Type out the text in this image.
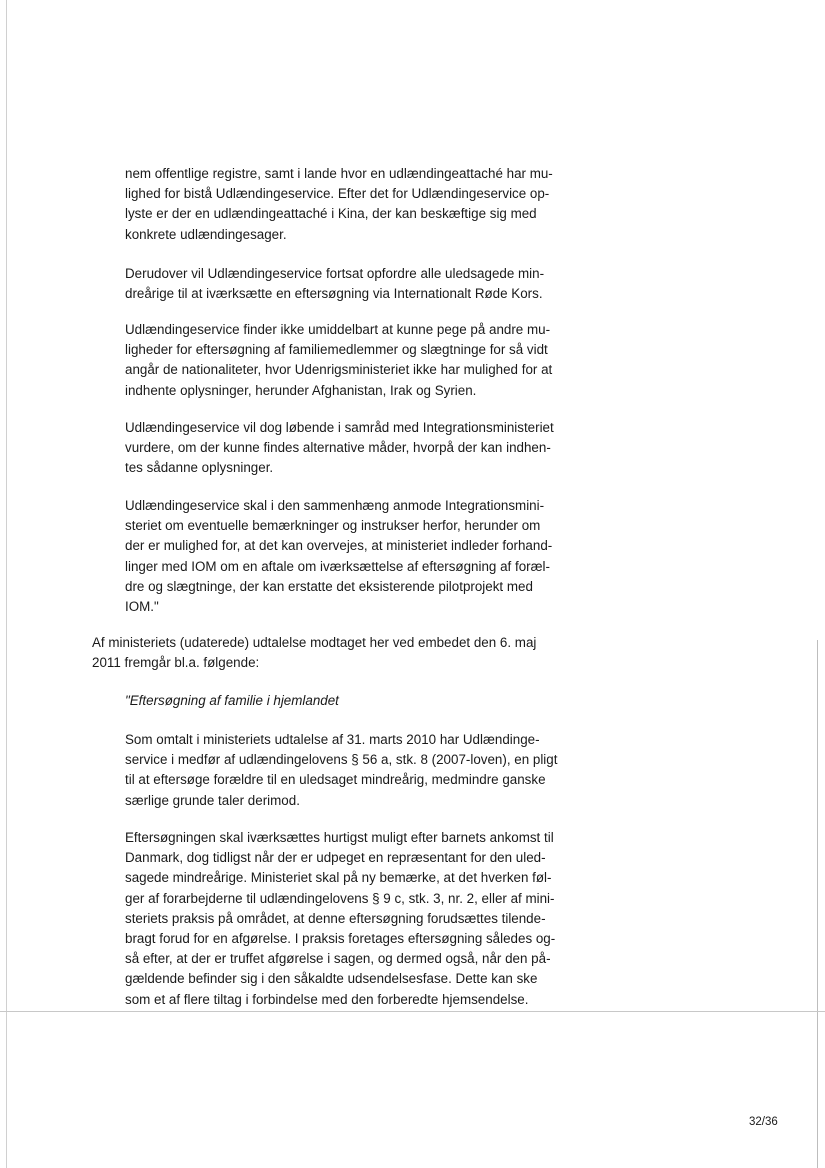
nem offentlige registre, samt i lande hvor en udlændingeattaché har mu-
lighed for bistå Udlændingeservice. Efter det for Udlændingeservice op-
lyste er der en udlændingeattaché i Kina, der kan beskæftige sig med
konkrete udlændingesager.

Derudover vil Udlændingeservice fortsat opfordre alle uledsagede min-
dreårige til at iværksætte en eftersøgning via Internationalt Røde Kors.

Udlændingeservice finder ikke umiddelbart at kunne pege på andre mu-
ligheder for eftersøgning af familiemedlemmer og slægtninge for så vidt
angår de nationaliteter, hvor Udenrigsministeriet ikke har mulighed for at
indhente oplysninger, herunder Afghanistan, Irak og Syrien.

Udlændingeservice vil dog løbende i samråd med Integrationsministeriet
vurdere, om der kunne findes alternative måder, hvorpå der kan indhen-
tes sådanne oplysninger.

Udlændingeservice skal i den sammenhæng anmode Integrationsmini-
steriet om eventuelle bemærkninger og instrukser herfor, herunder om
der er mulighed for, at det kan overvejes, at ministeriet indleder forhand-
linger med IOM om en aftale om iværksættelse af eftersøgning af foræl-
dre og slægtninge, der kan erstatte det eksisterende pilotprojekt med
IOM."

Af ministeriets (udaterede) udtalelse modtaget her ved embedet den 6. maj
2011 fremgår bl.a. følgende:

"Eftersøgning af familie i hjemlandet

Som omtalt i ministeriets udtalelse af 31. marts 2010 har Udlændinge-
service i medfør af udlændingelovens § 56 a, stk. 8 (2007-loven), en pligt
til at eftersøge forældre til en uledsaget mindreårig, medmindre ganske
særlige grunde taler derimod.

Eftersøgningen skal iværksættes hurtigst muligt efter barnets ankomst til
Danmark, dog tidligst når der er udpeget en repræsentant for den uled-
sagede mindreårige. Ministeriet skal på ny bemærke, at det hverken føl-
ger af forarbejderne til udlændingelovens § 9 c, stk. 3, nr. 2, eller af mini-
steriets praksis på området, at denne eftersøgning forudsættes tilende-
bragt forud for en afgørelse. I praksis foretages eftersøgning således og-
så efter, at der er truffet afgørelse i sagen, og dermed også, når den på-
gældende befinder sig i den såkaldte udsendelsesfase. Dette kan ske
som et af flere tiltag i forbindelse med den forberedte hjemsendelse.

32/36
